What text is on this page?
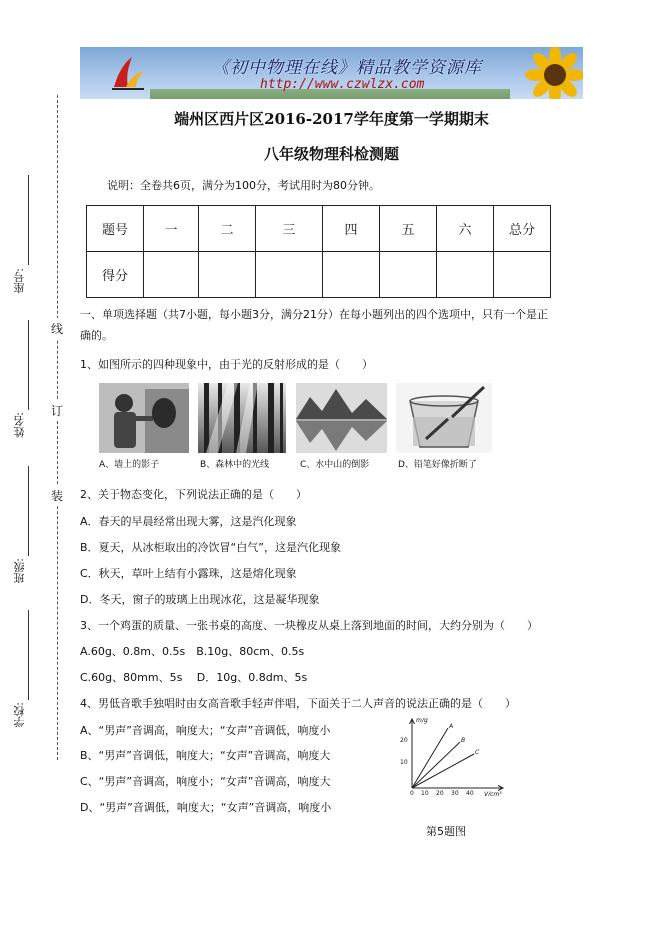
《初中物理在线》精品教学资源库
http://www.czwlzx.com
线
订
装
座号:
姓名:
班级:
学校:
端州区西片区2016-2017学年度第一学期期末
八年级物理科检测题
说明：全卷共6页，满分为100分，考试用时为80分钟。
题号	一	二	三	四	五	六	总分
得分							
一、单项选择题（共7小题，每小题3分，满分21分）在每小题列出的四个选项中，只有一个是正
确的。
1、如图所示的四种现象中，由于光的反射形成的是（　　）
A、墙上的影子	B、森林中的光线	C、水中山的倒影	D、铅笔好像折断了
2、关于物态变化，下列说法正确的是（　　）
A．春天的早晨经常出现大雾，这是汽化现象
B．夏天，从冰柜取出的冷饮冒“白气”，这是汽化现象
C．秋天，草叶上结有小露珠，这是熔化现象
D．冬天，窗子的玻璃上出现冰花，这是凝华现象
3、一个鸡蛋的质量、一张书桌的高度、一块橡皮从桌上落到地面的时间，大约分别为（　　）
A.60g、0.8m、0.5s　B.10g、80cm、0.5s
C.60g、80mm、5s　 D．10g、0.8dm、5s
4、男低音歌手独唱时由女高音歌手轻声伴唱，下面关于二人声音的说法正确的是（　　）
A、“男声”音调高，响度大；“女声”音调低，响度小
B、“男声”音调低，响度大；“女声”音调高，响度大
C、“男声”音调高，响度小；“女声”音调高，响度大
D、“男声”音调低，响度大；“女声”音调高，响度小
m/g
V/cm³
20
10
0 10 20 30 40
A
B
C
第5题图
